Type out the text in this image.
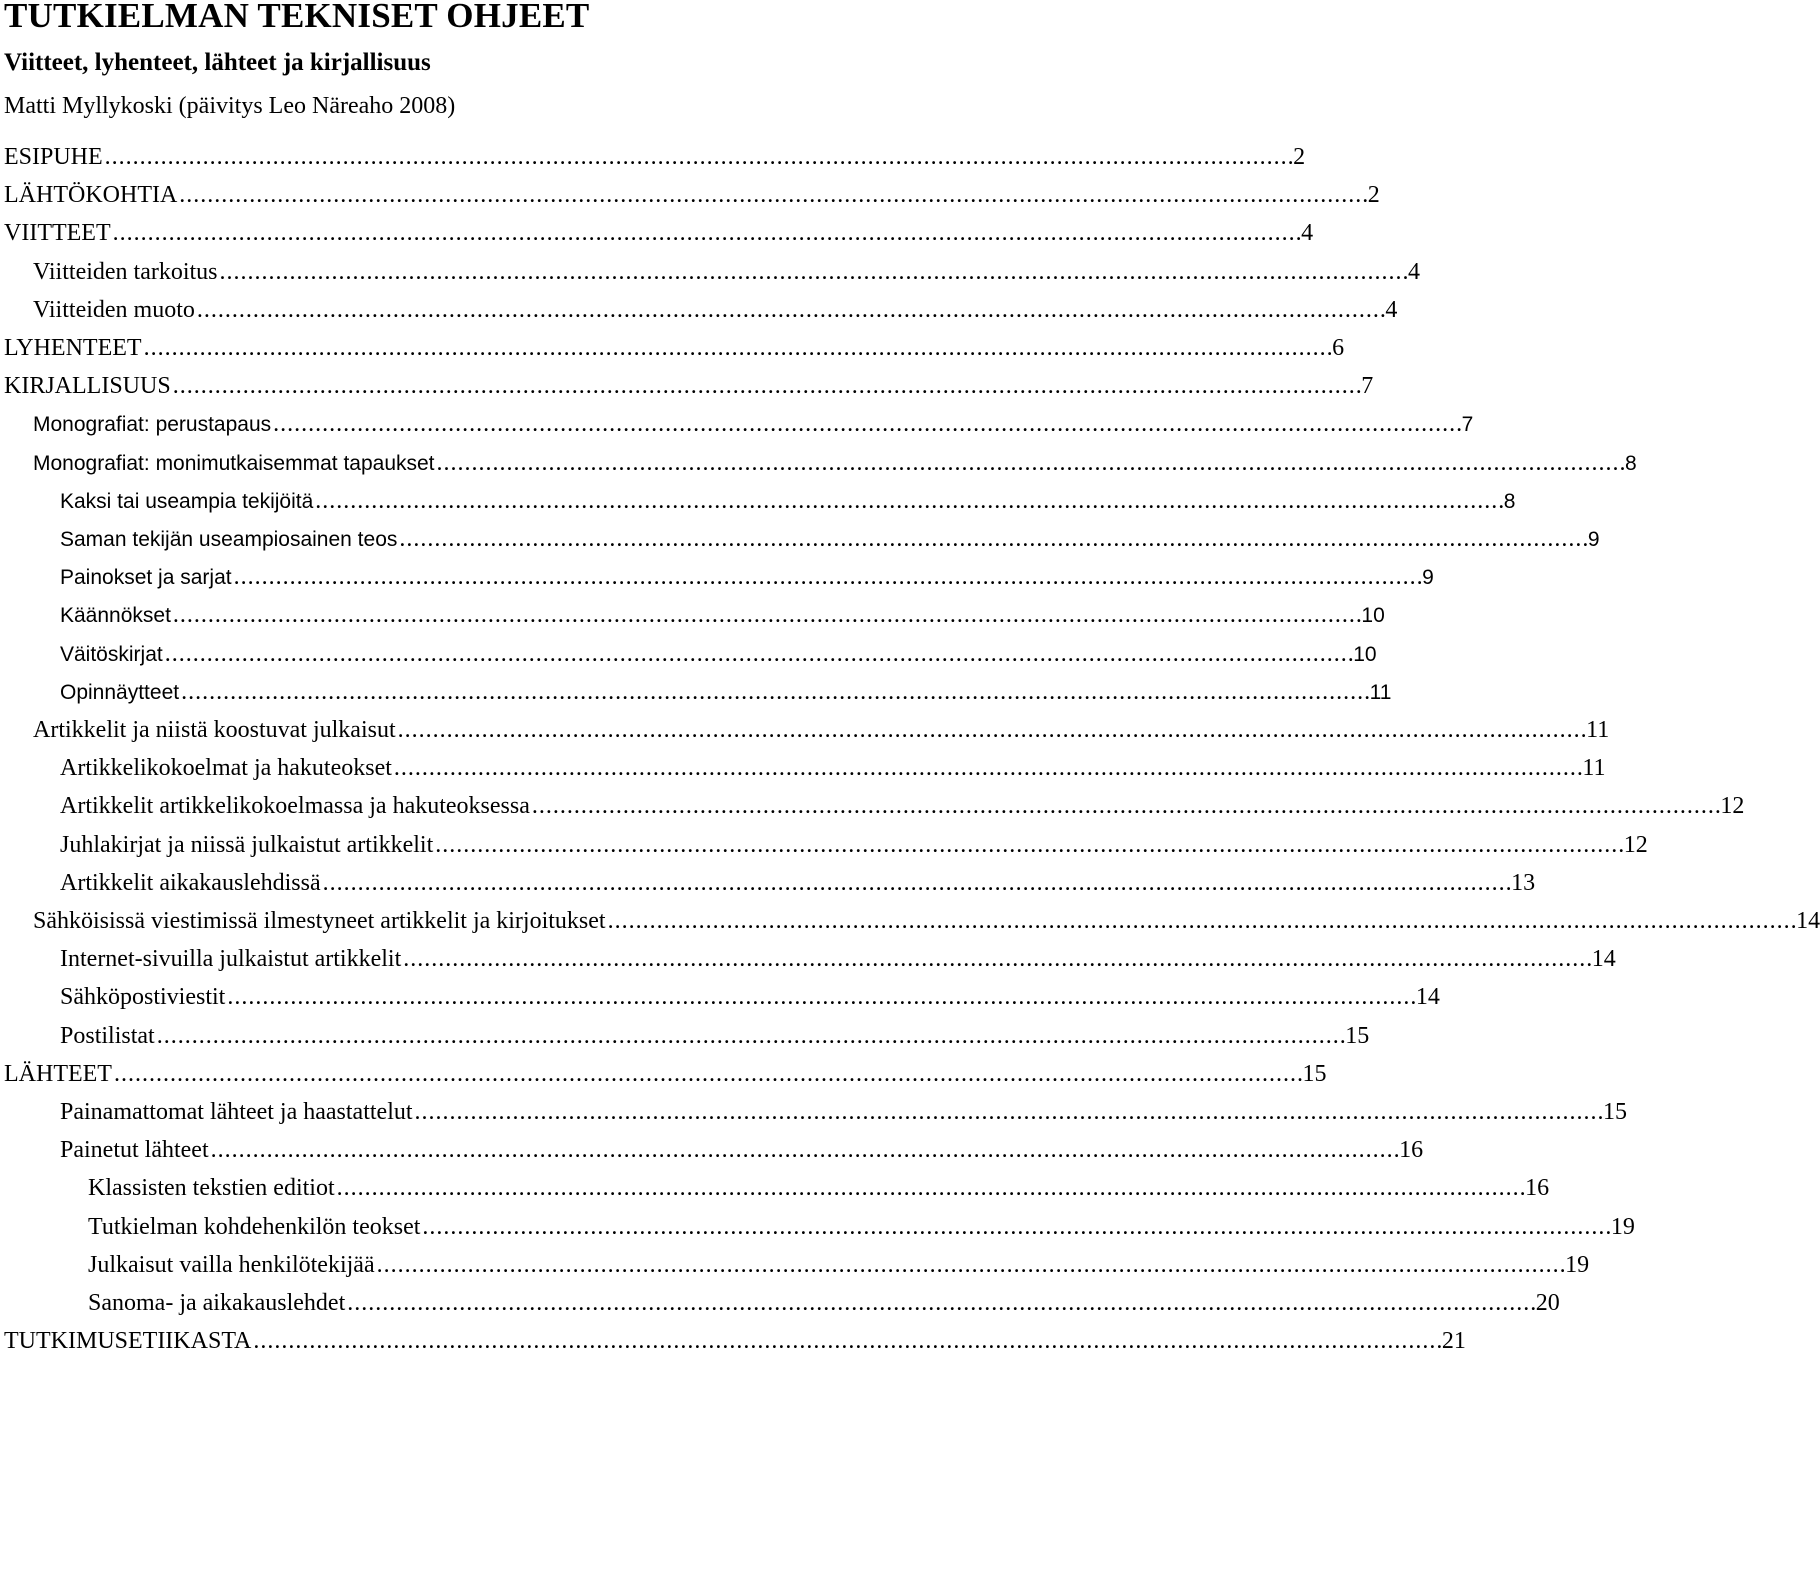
TUTKIELMAN TEKNISET OHJEET
Viitteet, lyhenteet, lähteet ja kirjallisuus
Matti Myllykoski (päivitys Leo Näreaho 2008)
ESIPUHE . . .	2
LÄHTÖKOHTIA . . .	2
VIITTEET . . .	4
Viitteiden tarkoitus . . .	4
Viitteiden muoto . . .	4
LYHENTEET . . .	6
KIRJALLISUUS . . .	7
Monografiat: perustapaus . . .	7
Monografiat: monimutkaisemmat tapaukset . . .	8
Kaksi tai useampia tekijöitä . . .	8
Saman tekijän useampiosainen teos . . .	9
Painokset ja sarjat . . .	9
Käännökset . . .	10
Väitöskirjat . . .	10
Opinnäytteet . . .	11
Artikkelit ja niistä koostuvat julkaisut . . .	11
Artikkelikokoelmat ja hakuteokset . . .	11
Artikkelit artikkelikokoelmassa ja hakuteoksessa . . .	12
Juhlakirjat ja niissä julkaistut artikkelit . . .	12
Artikkelit aikakauslehdissä . . .	13
Sähköisissä viestimissä ilmestyneet artikkelit ja kirjoitukset . . .	14
Internet-sivuilla julkaistut artikkelit . . .	14
Sähköpostiviestit . . .	14
Postilistat . . .	15
LÄHTEET . . .	15
Painamattomat lähteet ja haastattelut . . .	15
Painetut lähteet . . .	16
Klassisten tekstien editiot . . .	16
Tutkielman kohdehenkilön teokset . . .	19
Julkaisut vailla henkilötekijää . . .	19
Sanoma- ja aikakauslehdet . . .	20
TUTKIMUSETIIKASTA . . .	21
